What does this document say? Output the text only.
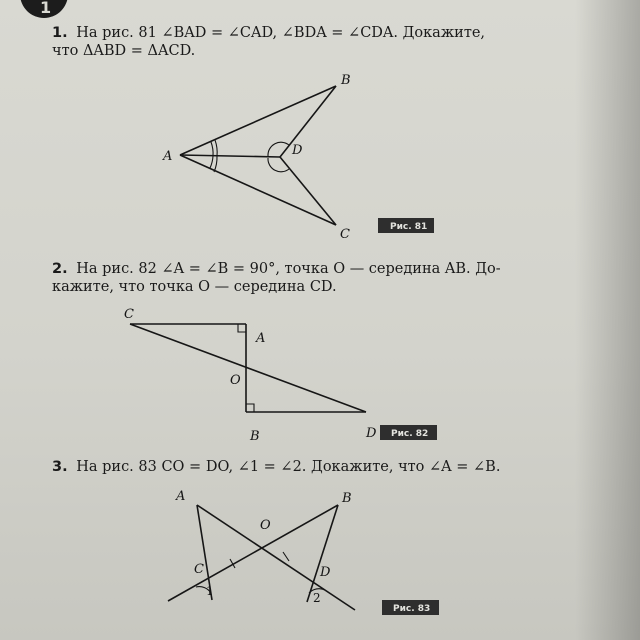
1
1. На рис. 81 ∠BAD = ∠CAD, ∠BDA = ∠CDA. Докажите,
что ΔABD = ΔACD.
2. На рис. 82 ∠A = ∠B = 90°, точка O — середина AB. До-
кажите, что точка O — середина CD.
3. На рис. 83 CO = DO, ∠1 = ∠2. Докажите, что ∠A = ∠B.
A
B
C
D
Рис. 81
C
A
O
B	D Рис. 82
A	B
O
C	D
1	2
Рис. 83
